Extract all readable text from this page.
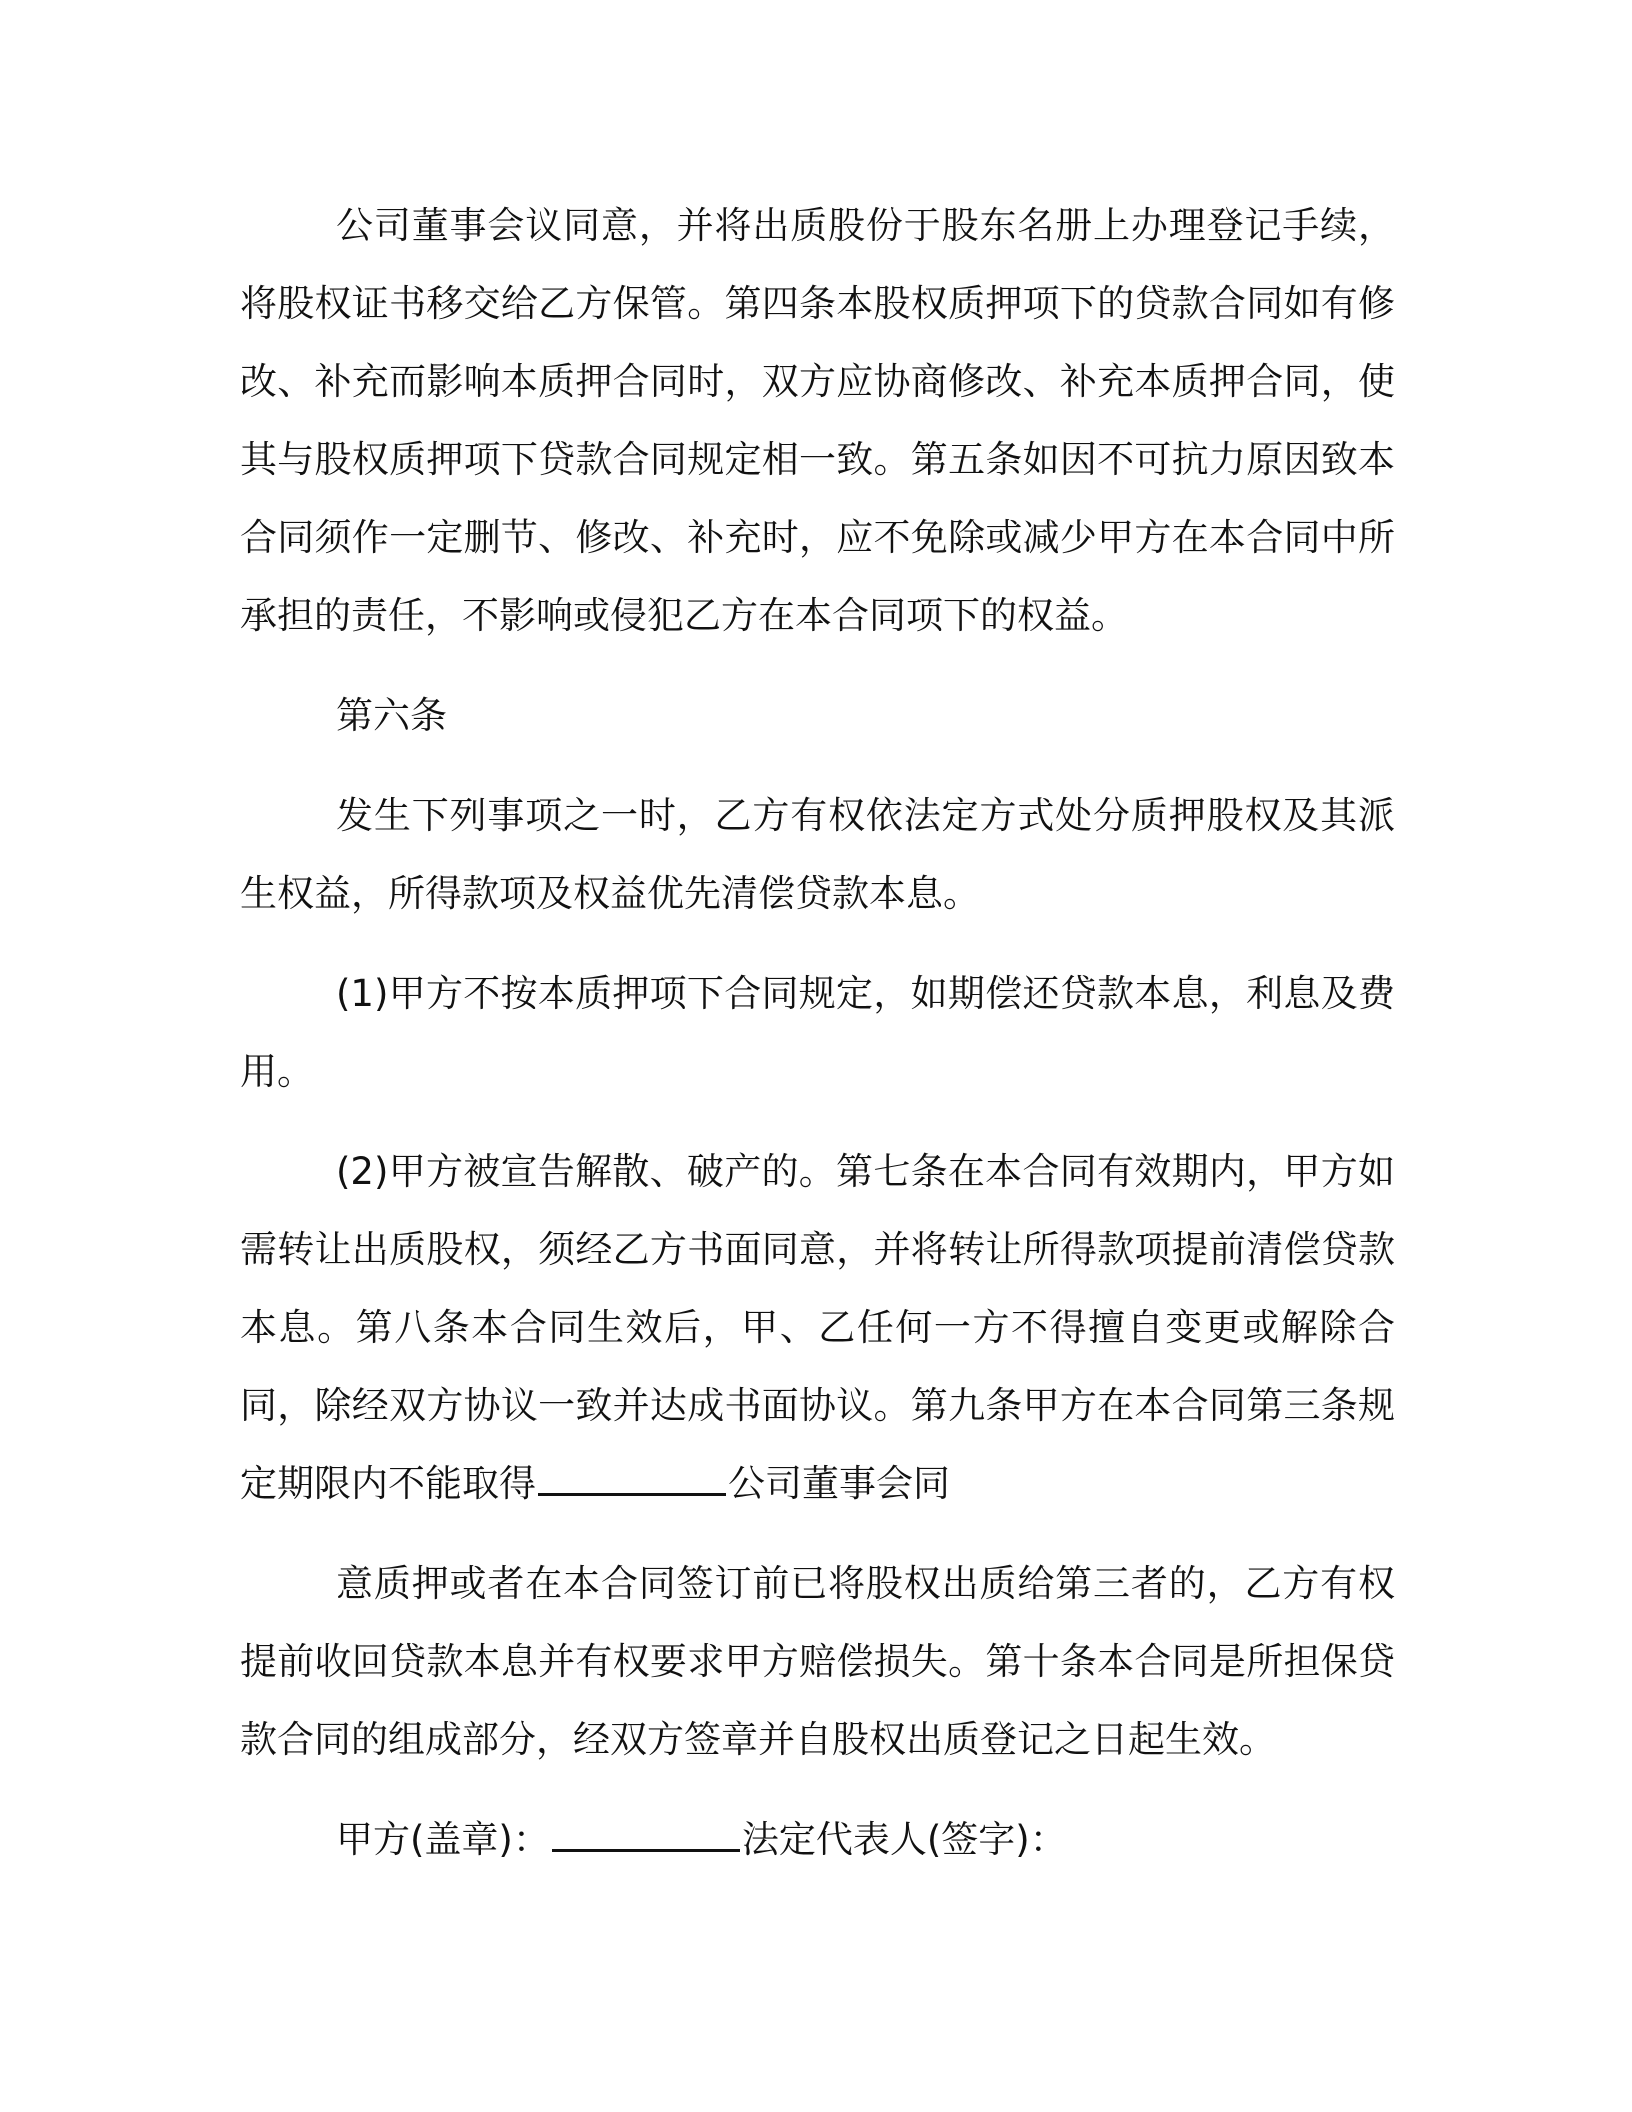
公司董事会议同意，并将出质股份于股东名册上办理登记手续，将股权证书移交给乙方保管。第四条本股权质押项下的贷款合同如有修改、补充而影响本质押合同时，双方应协商修改、补充本质押合同，使其与股权质押项下贷款合同规定相一致。第五条如因不可抗力原因致本合同须作一定删节、修改、补充时，应不免除或减少甲方在本合同中所承担的责任，不影响或侵犯乙方在本合同项下的权益。

第六条

发生下列事项之一时，乙方有权依法定方式处分质押股权及其派生权益，所得款项及权益优先清偿贷款本息。

(1)甲方不按本质押项下合同规定，如期偿还贷款本息，利息及费用。

(2)甲方被宣告解散、破产的。第七条在本合同有效期内，甲方如需转让出质股权，须经乙方书面同意，并将转让所得款项提前清偿贷款本息。第八条本合同生效后，甲、乙任何一方不得擅自变更或解除合同，除经双方协议一致并达成书面协议。第九条甲方在本合同第三条规定期限内不能取得	公司董事会同

意质押或者在本合同签订前已将股权出质给第三者的，乙方有权提前收回贷款本息并有权要求甲方赔偿损失。第十条本合同是所担保贷款合同的组成部分，经双方签章并自股权出质登记之日起生效。

甲方(盖章)：	法定代表人(签字)：
